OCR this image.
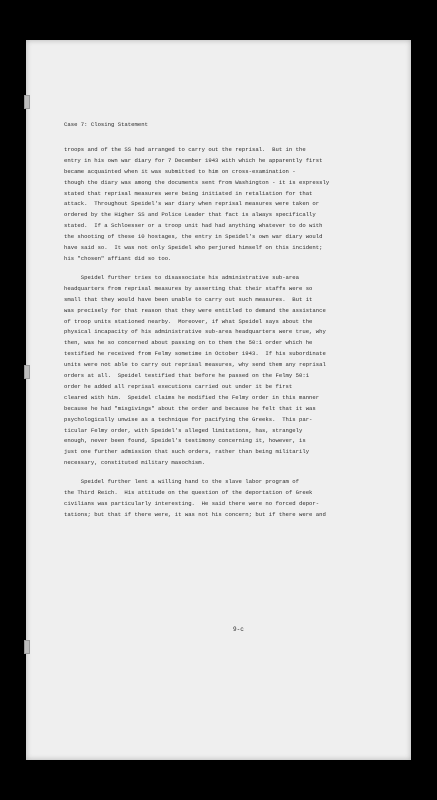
Case 7: Closing Statement
troops and of the SS had arranged to carry out the reprisal.  But in the
entry in his own war diary for 7 December 1943 with which he apparently first
became acquainted when it was submitted to him on cross-examination -
though the diary was among the documents sent from Washington - it is expressly
stated that reprisal measures were being initiated in retaliation for that
attack.  Throughout Speidel's war diary when reprisal measures were taken or
ordered by the Higher SS and Police Leader that fact is always specifically
stated.  If a Schloesser or a troop unit had had anything whatever to do with
the shooting of these 10 hostages, the entry in Speidel's own war diary would
have said so.  It was not only Speidel who perjured himself on this incident;
his "chosen" affiant did so too.
Speidel further tries to disassociate his administrative sub-area
headquarters from reprisal measures by asserting that their staffs were so
small that they would have been unable to carry out such measures.  But it
was precisely for that reason that they were entitled to demand the assistance
of troop units stationed nearby.  Moreover, if what Speidel says about the
physical incapacity of his administrative sub-area headquarters were true, why
then, was he so concerned about passing on to them the 50:1 order which he
testified he received from Felmy sometime in October 1943.  If his subordinate
units were not able to carry out reprisal measures, why send them any reprisal
orders at all.  Speidel testified that before he passed on the Felmy 50:1
order he added all reprisal executions carried out under it be first
cleared with him.  Speidel claims he modified the Felmy order in this manner
because he had "misgivings" about the order and because he felt that it was
psychologically unwise as a technique for pacifying the Greeks.  This par-
ticular Felmy order, with Speidel's alleged limitations, has, strangely
enough, never been found, Speidel's testimony concerning it, however, is
just one further admission that such orders, rather than being militarily
necessary, constituted military masochism.
Speidel further lent a willing hand to the slave labor program of
the Third Reich.  His attitude on the question of the deportation of Greek
civilians was particularly interesting.  He said there were no forced depor-
tations; but that if there were, it was not his concern; but if there were and
9-c
